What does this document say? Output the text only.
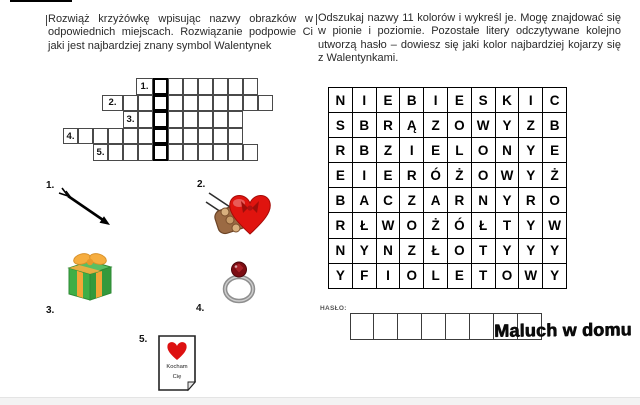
Rozwiąż krzyżówkę wpisując nazwy obrazków w odpowiednich miejscach. Rozwiązanie podpowie Ci jaki jest najbardziej znany symbol Walentynek
1.
2.
3.
4.
5.
1.	2.
3.	4.
5.
Kocham
Cię
Odszukaj nazwy 11 kolorów i wykreśl je. Mogę znajdować się w pionie i poziomie. Pozostałe litery odczytywane kolejno utworzą hasło – dowiesz się jaki kolor najbardziej kojarzy się z Walentynkami.
N	I	E	B	I	E	S	K	I	C
S	B	R	Ą	Z	O W Y	Z	B
R	B	Z	I	E	L	O	N	Y	E
E	I	E	R	Ó	Ż	O W Y	Ż
B	A	C	Z	A	R	N	Y	R	O
R	Ł W O	Ż	Ó	Ł	T	Y W
N	Y	N	Z	Ł	O	T	Y	Y	Y
Y	F	I	O	L	E	T	O W Y
HASŁO:
Maluch w domu
